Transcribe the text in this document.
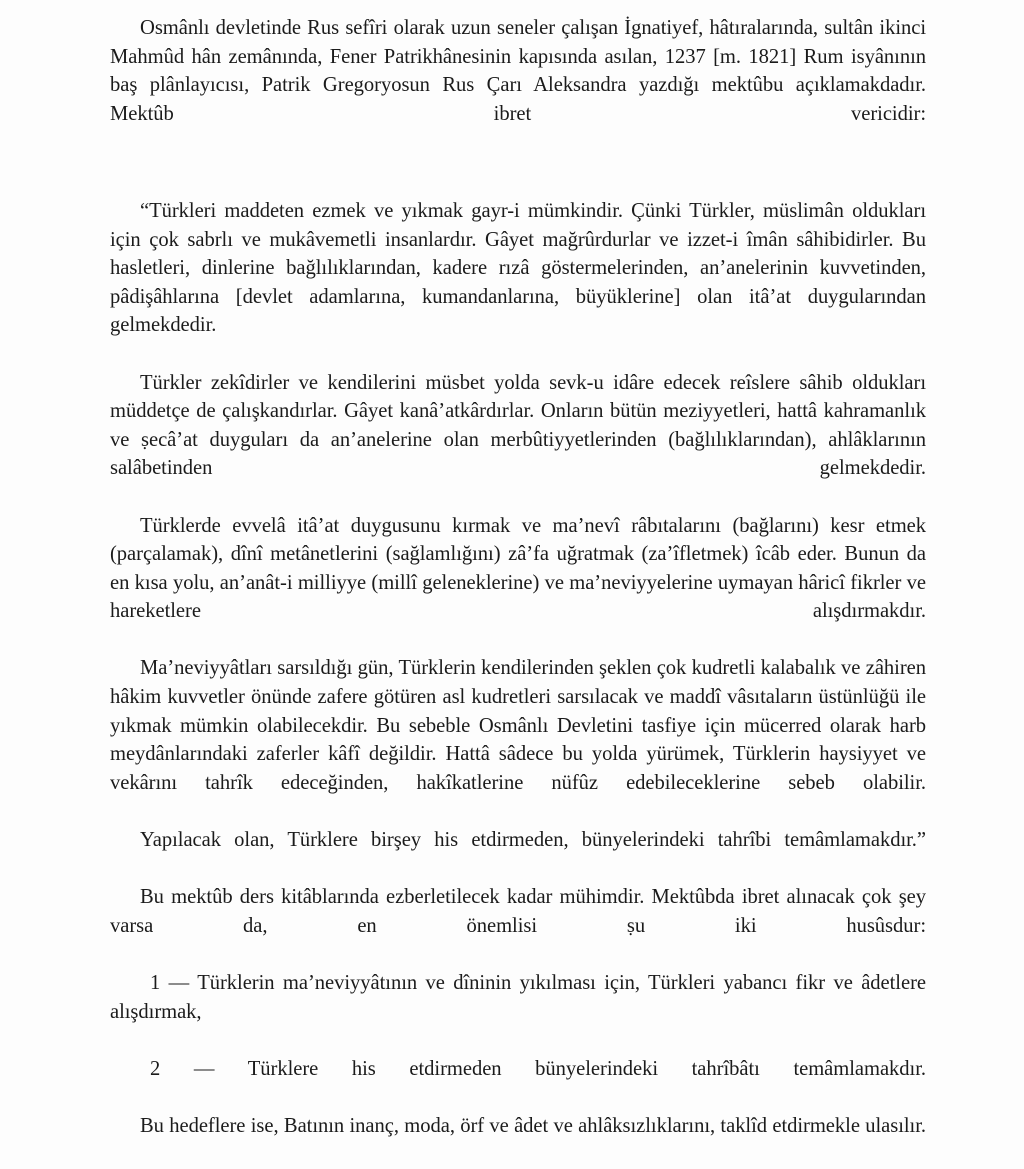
Osmânlı devletinde Rus sefîri olarak uzun seneler çalışan İgnatiyef, hâtıralarında, sultân ikinci Mahmûd hân zemânında, Fener Patrikhânesinin kapısında asılan, 1237 [m. 1821] Rum isyânının baş plânlayıcısı, Patrik Gregoryosun Rus Çarı Aleksandra yazdığı mektûbu açıklamakdadır. Mektûb ibret vericidir:

“Türkleri maddeten ezmek ve yıkmak gayr-i mümkindir. Çünki Türkler, müslimân oldukları için çok sabrlı ve mukâvemetli insanlardır. Gâyet mağrûrdurlar ve izzet-i îmân sâhibidirler. Bu hasletleri, dinlerine bağlılıklarından, kadere rızâ göstermelerinden, an’anelerinin kuvvetinden, pâdişâhlarına [devlet adamlarına, kumandanlarına, büyüklerine] olan itâ’at duygularından gelmekdedir.

Türkler zekîdirler ve kendilerini müsbet yolda sevk-u idâre edecek reîslere sâhib oldukları müddetçe de çalışkandırlar. Gâyet kanâ’atkârdırlar. Onların bütün meziyyetleri, hattâ kahramanlık ve ṣecâ’at duyguları da an’anelerine olan merbûtiyyetlerinden (bağlılıklarından), ahlâklarının salâbetinden gelmekdedir.

Türklerde evvelâ itâ’at duygusunu kırmak ve ma’nevî râbıtalarını (bağlarını) kesr etmek (parçalamak), dînî metânetlerini (sağlamlığını) zâ’fa uğratmak (za’îfletmek) îcâb eder. Bunun da en kısa yolu, an’anât-i milliyye (millî geleneklerine) ve ma’neviyyelerine uymayan hâricî fikrler ve hareketlere alışdırmakdır.

Ma’neviyyâtları sarsıldığı gün, Türklerin kendilerinden şeklen çok kudretli kalabalık ve zâhiren hâkim kuvvetler önünde zafere götüren asl kudretleri sarsılacak ve maddî vâsıtaların üstünlüğü ile yıkmak mümkin olabilecekdir. Bu sebeble Osmânlı Devletini tasfiye için mücerred olarak harb meydânlarındaki zaferler kâfî değildir. Hattâ sâdece bu yolda yürümek, Türklerin haysiyyet ve vekârını tahrîk edeceğinden, hakîkatlerine nüfûz edebileceklerine sebeb olabilir.

Yapılacak olan, Türklere birşey his etdirmeden, bünyelerindeki tahrîbi temâmlamakdır.”

Bu mektûb ders kitâblarında ezberletilecek kadar mühimdir. Mektûbda ibret alınacak çok şey varsa da, en önemlisi ṣu iki husûsdur:

1 — Türklerin ma’neviyyâtının ve dîninin yıkılması için, Türkleri yabancı fikr ve âdetlere alışdırmak,

2 — Türklere his etdirmeden bünyelerindeki tahrîbâtı temâmlamakdır.

Bu hedeflere ise, Batının inanç, moda, örf ve âdet ve ahlâksızlıklarını, taklîd etdirmekle ulasılır.
